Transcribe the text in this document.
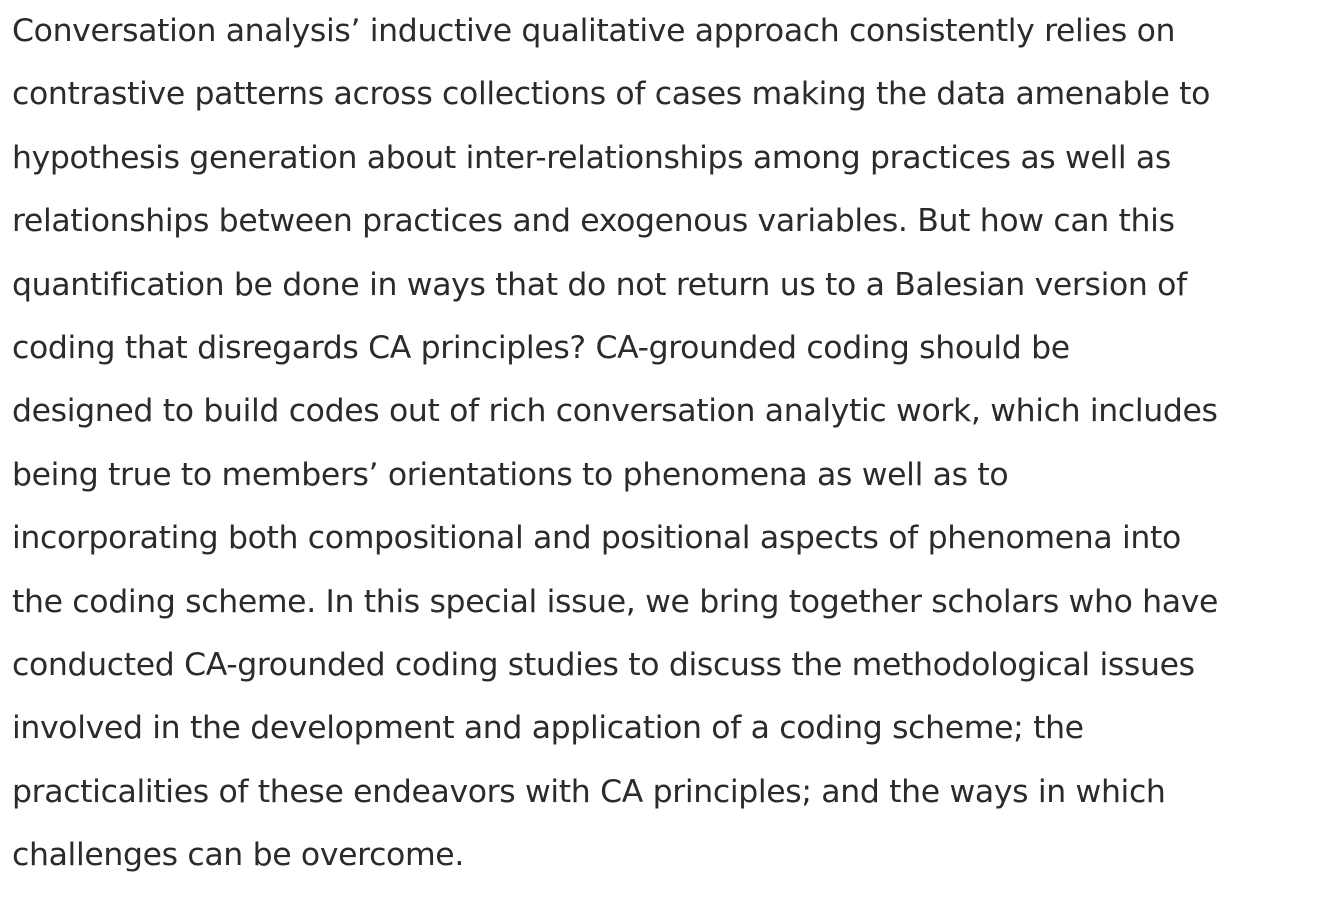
Conversation analysis’ inductive qualitative approach consistently relies on
contrastive patterns across collections of cases making the data amenable to
hypothesis generation about inter-relationships among practices as well as
relationships between practices and exogenous variables. But how can this
quantification be done in ways that do not return us to a Balesian version of
coding that disregards CA principles? CA-grounded coding should be
designed to build codes out of rich conversation analytic work, which includes
being true to members’ orientations to phenomena as well as to
incorporating both compositional and positional aspects of phenomena into
the coding scheme. In this special issue, we bring together scholars who have
conducted CA-grounded coding studies to discuss the methodological issues
involved in the development and application of a coding scheme; the
practicalities of these endeavors with CA principles; and the ways in which
challenges can be overcome.
